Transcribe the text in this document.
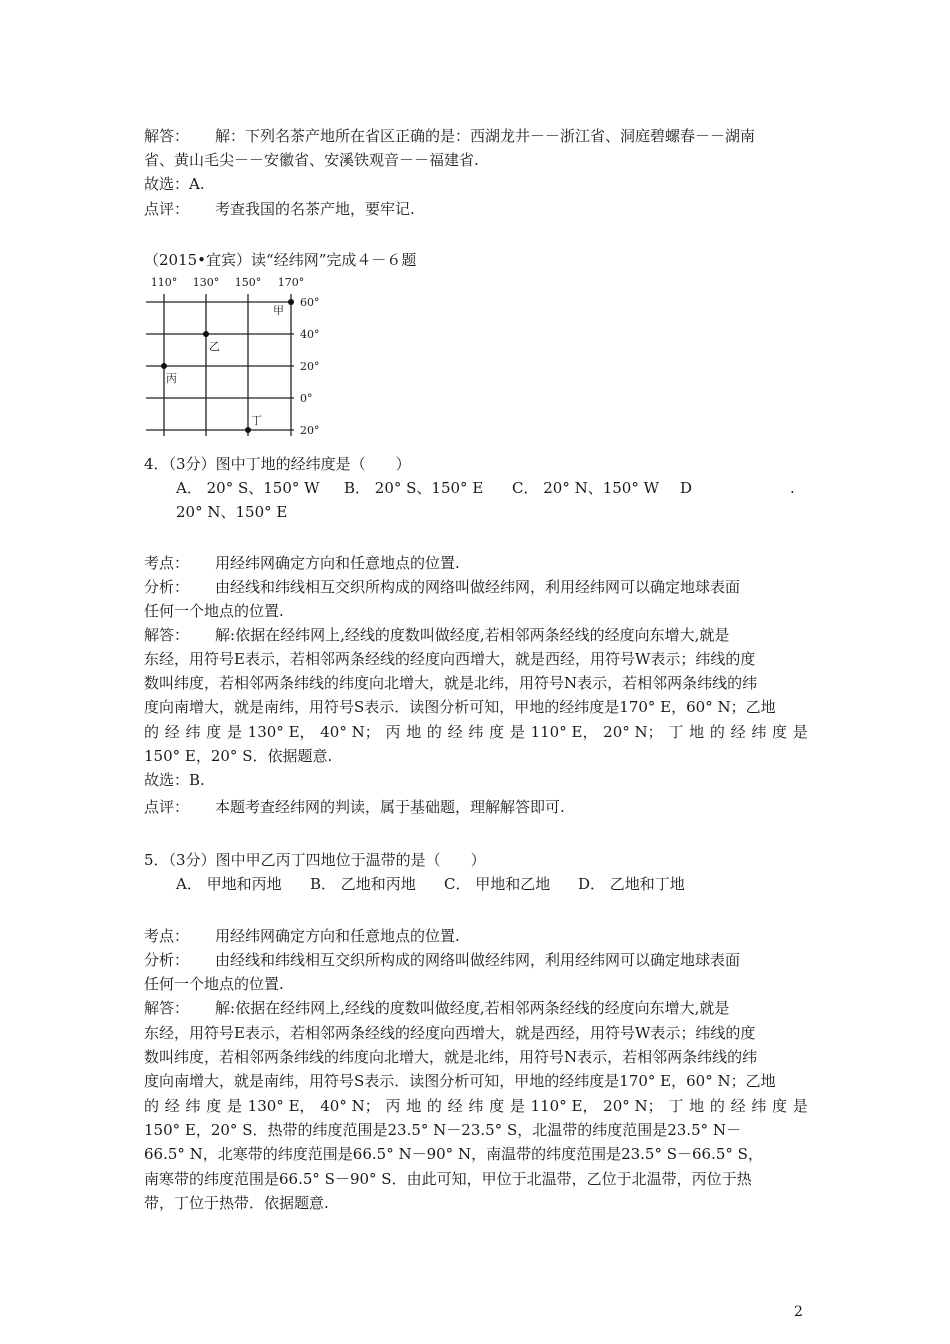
解答： 解：下列名茶产地所在省区正确的是：西湖龙井－－浙江省、洞庭碧螺春－－湖南
省、黄山毛尖－－安徽省、安溪铁观音－－福建省.
故选：A.
点评： 考查我国的名茶产地，要牢记.
（2015•宜宾）读“经纬网”完成４－６题
110° 130° 150° 170°
60°
40°
20°
0°
20°
甲
乙
丙
丁
4．（3分）图中丁地的经纬度是（　　）
A． 20° S、150° W B． 20° S、150° E C． 20° N、150° W D	.
20° N、150° E
考点： 用经纬网确定方向和任意地点的位置.
分析： 由经线和纬线相互交织所构成的网络叫做经纬网，利用经纬网可以确定地球表面
任何一个地点的位置.
解答： 解:依据在经纬网上,经线的度数叫做经度,若相邻两条经线的经度向东增大,就是
东经，用符号E表示，若相邻两条经线的经度向西增大，就是西经，用符号W表示；纬线的度
数叫纬度，若相邻两条纬线的纬度向北增大，就是北纬，用符号N表示，若相邻两条纬线的纬
度向南增大，就是南纬，用符号S表示．读图分析可知，甲地的经纬度是170° E，60° N；乙地
的 经 纬 度 是 130° E， 40° N； 丙 地 的 经 纬 度 是 110° E， 20° N； 丁 地 的 经 纬 度 是
150° E，20° S．依据题意.
故选：B.
点评： 本题考查经纬网的判读，属于基础题，理解解答即可.
5．（3分）图中甲乙丙丁四地位于温带的是（　　）
A． 甲地和丙地 B． 乙地和丙地 C． 甲地和乙地 D． 乙地和丁地
考点： 用经纬网确定方向和任意地点的位置.
分析： 由经线和纬线相互交织所构成的网络叫做经纬网，利用经纬网可以确定地球表面
任何一个地点的位置.
解答： 解:依据在经纬网上,经线的度数叫做经度,若相邻两条经线的经度向东增大,就是
东经，用符号E表示，若相邻两条经线的经度向西增大，就是西经，用符号W表示；纬线的度
数叫纬度，若相邻两条纬线的纬度向北增大，就是北纬，用符号N表示，若相邻两条纬线的纬
度向南增大，就是南纬，用符号S表示．读图分析可知，甲地的经纬度是170° E，60° N；乙地
的 经 纬 度 是 130° E， 40° N； 丙 地 的 经 纬 度 是 110° E， 20° N； 丁 地 的 经 纬 度 是
150° E，20° S．热带的纬度范围是23.5° N－23.5° S，北温带的纬度范围是23.5° N－
66.5° N，北寒带的纬度范围是66.5° N－90° N，南温带的纬度范围是23.5° S－66.5° S，
南寒带的纬度范围是66.5° S－90° S．由此可知，甲位于北温带，乙位于北温带，丙位于热
带，丁位于热带．依据题意.
2
